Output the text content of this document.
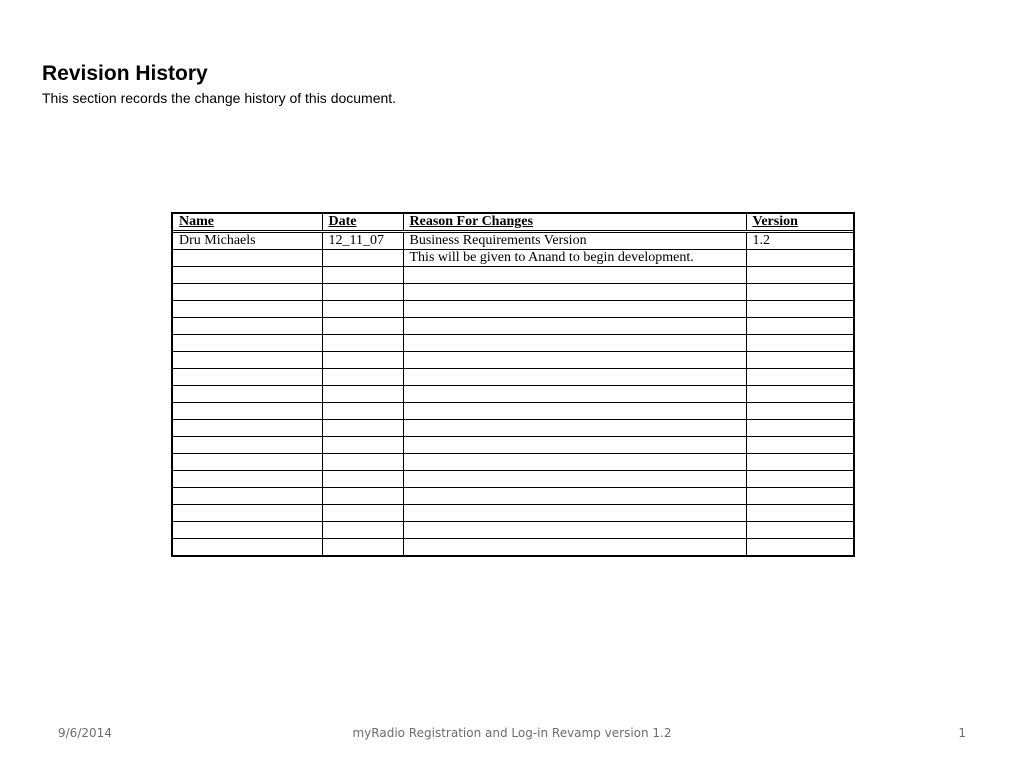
Revision History

This section records the change history of this document.

Name	Date	Reason For Changes	Version
Dru Michaels	12_11_07	Business Requirements Version	1.2
		This will be given to Anand to begin development.	

9/6/2014	myRadio Registration and Log-in Revamp version 1.2	1
